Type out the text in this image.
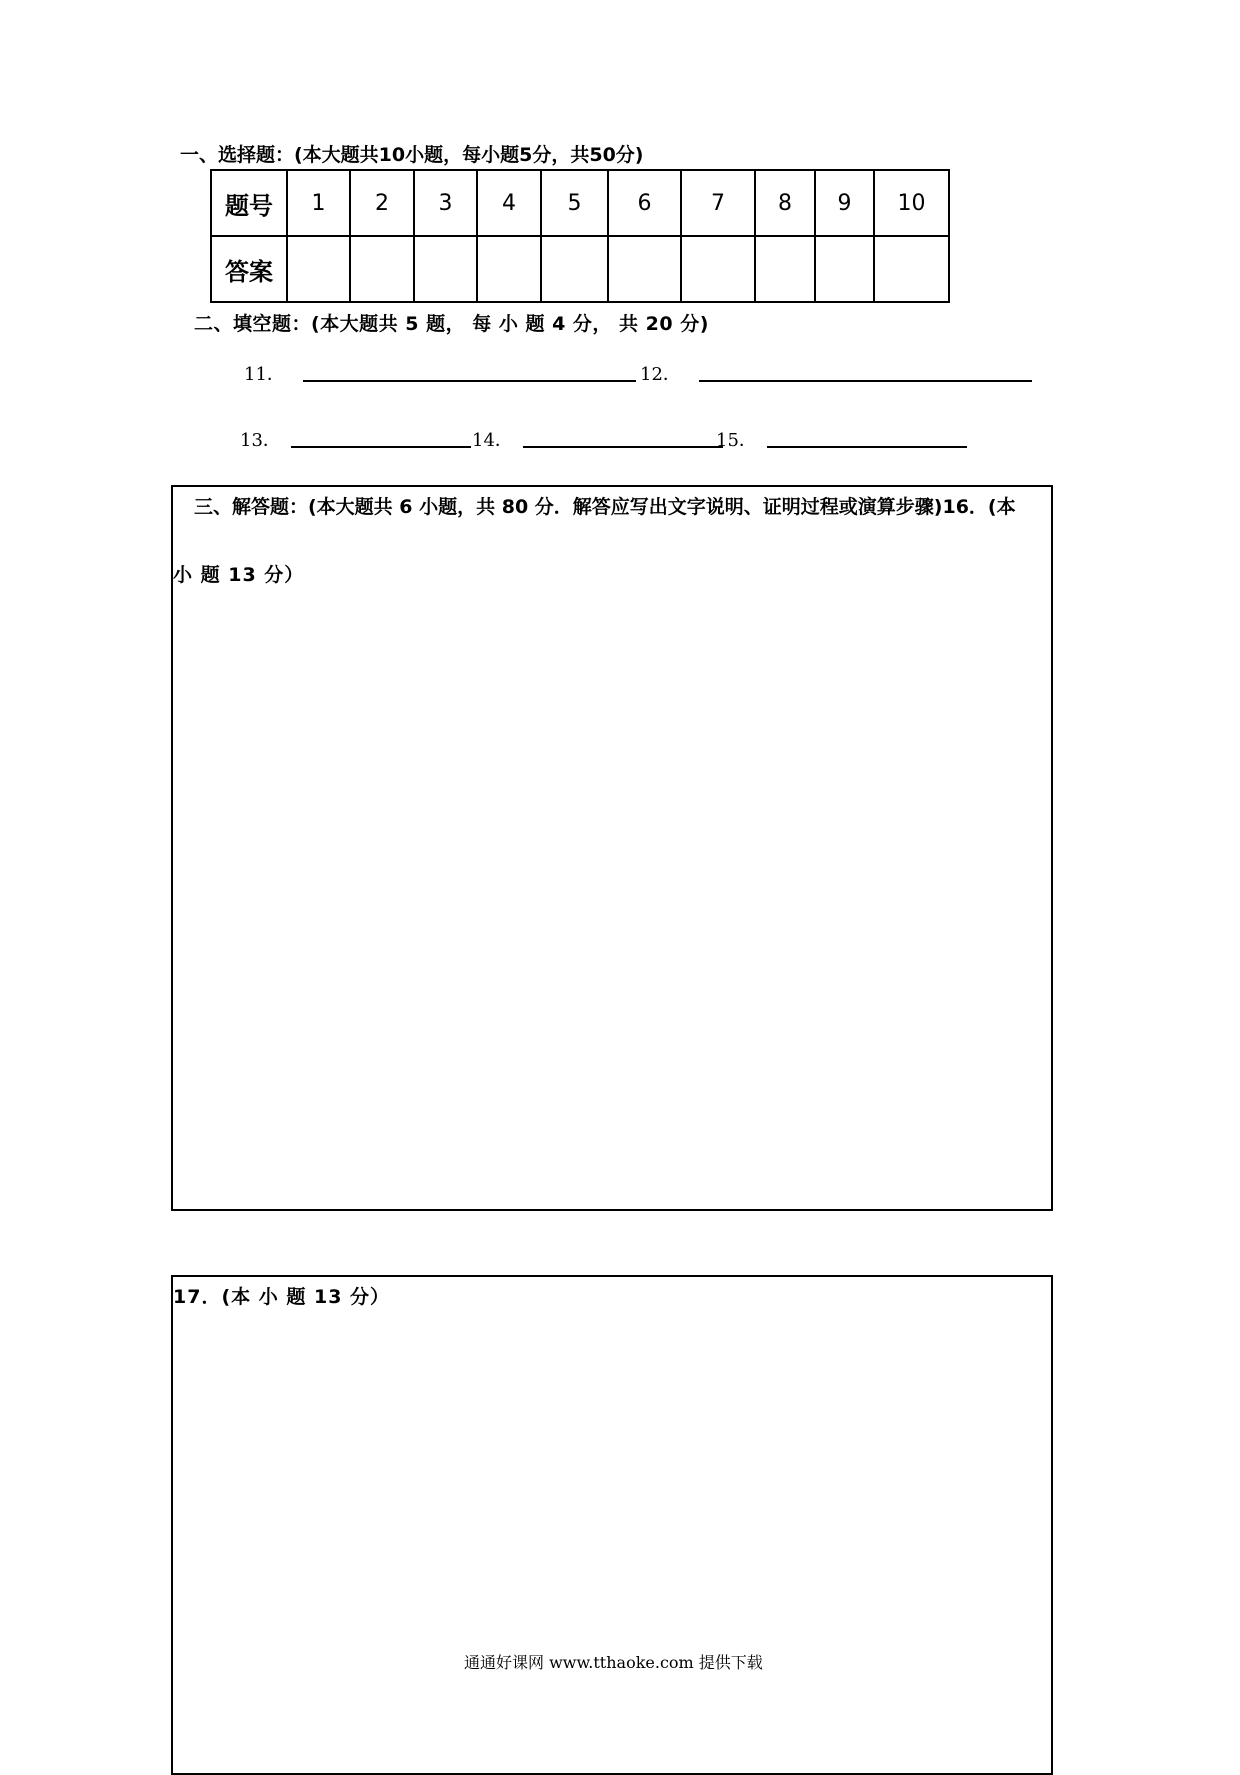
一、选择题：(本大题共10小题，每小题5分，共50分)
题号	1	2	3	4	5	6	7	8	9	10
答案										
二、填空题：(本大题共 5 题， 每 小 题 4 分， 共 20 分)
11．	12．
13．	14．	15．
三、解答题：(本大题共 6 小题，共 80 分．解答应写出文字说明、证明过程或演算步骤)16．(本
小 题 13 分）
17．(本 小 题 13 分）
通通好课网 www.tthaoke.com 提供下载
